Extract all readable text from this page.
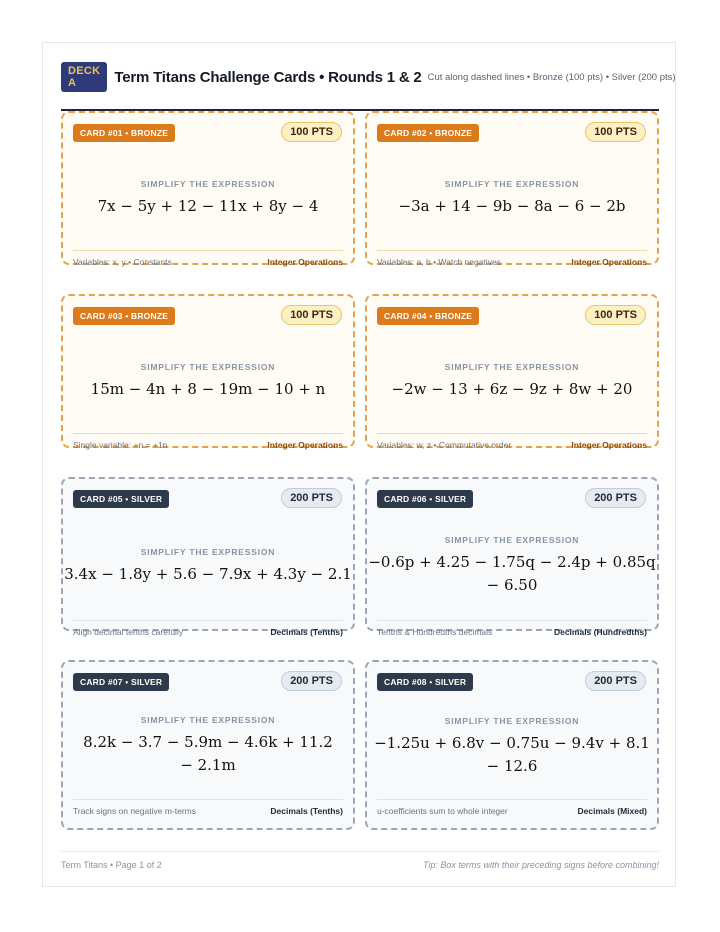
DECK A	Term Titans Challenge Cards • Rounds 1 & 2 Cut along dashed lines • Bronze (100 pts) • Silver (200 pts)
CARD #01 • BRONZE	100 PTS
SIMPLIFY THE EXPRESSION
7x − 5y + 12 − 11x + 8y − 4
Variables: x, y • Constants	Integer Operations
CARD #02 • BRONZE	100 PTS
SIMPLIFY THE EXPRESSION
−3a + 14 − 9b − 8a − 6 − 2b
Variables: a, b • Watch negatives	Integer Operations
CARD #03 • BRONZE	100 PTS
SIMPLIFY THE EXPRESSION
15m − 4n + 8 − 19m − 10 + n
Single variable: +n = +1n	Integer Operations
CARD #04 • BRONZE	100 PTS
SIMPLIFY THE EXPRESSION
−2w − 13 + 6z − 9z + 8w + 20
Variables: w, z • Commutative order	Integer Operations
CARD #05 • SILVER	200 PTS
SIMPLIFY THE EXPRESSION
3.4x − 1.8y + 5.6 − 7.9x + 4.3y − 2.1
Align decimal tenths carefully	Decimals (Tenths)
CARD #06 • SILVER	200 PTS
SIMPLIFY THE EXPRESSION
−0.6p + 4.25 − 1.75q − 2.4p + 0.85q
− 6.50
Tenths & Hundredths decimals	Decimals (Hundredths)
CARD #07 • SILVER	200 PTS
SIMPLIFY THE EXPRESSION
8.2k − 3.7 − 5.9m − 4.6k + 11.2
− 2.1m
Track signs on negative m-terms	Decimals (Tenths)
CARD #08 • SILVER	200 PTS
SIMPLIFY THE EXPRESSION
−1.25u + 6.8v − 0.75u − 9.4v + 8.1
− 12.6
u-coefficients sum to whole integer	Decimals (Mixed)
Term Titans • Page 1 of 2	Tip: Box terms with their preceding signs before combining!
